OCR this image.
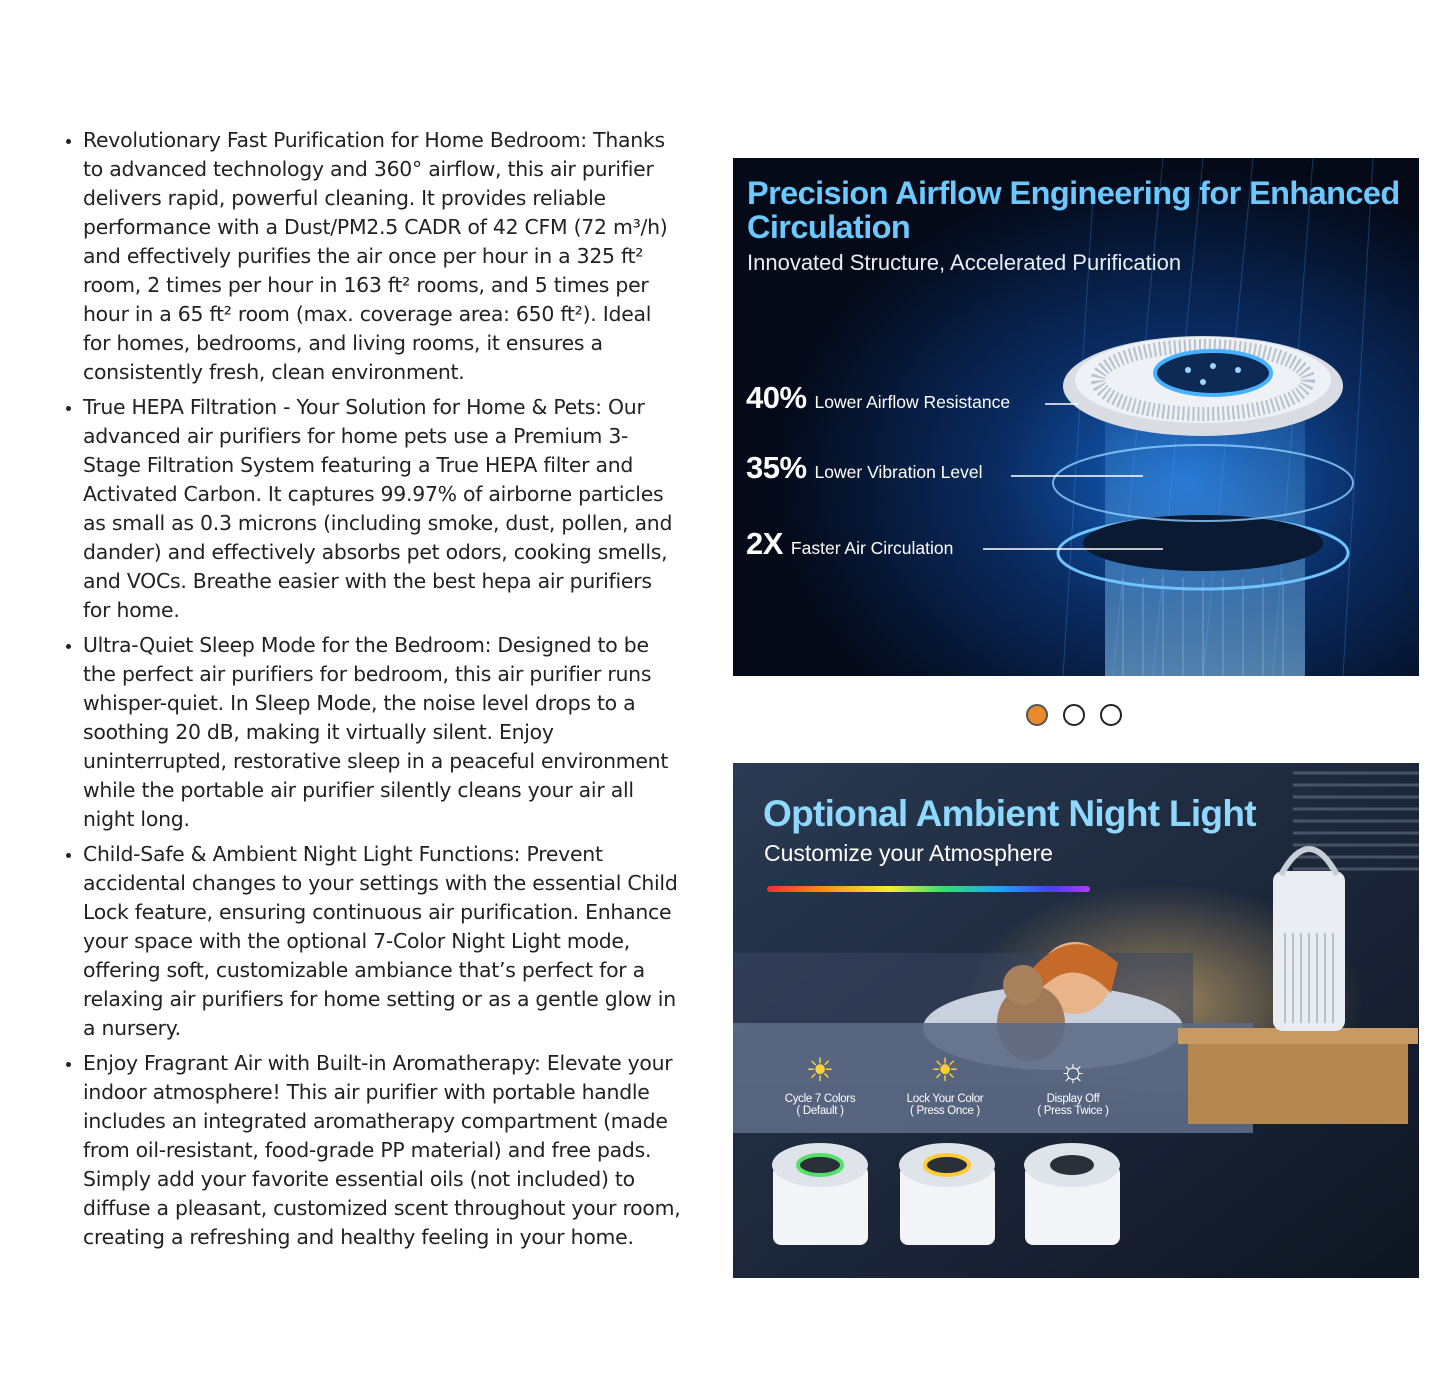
• Revolutionary Fast Purification for Home Bedroom: Thanks to advanced technology and 360° airflow, this air purifier delivers rapid, powerful cleaning. It provides reliable performance with a Dust/PM2.5 CADR of 42 CFM (72 m³/h) and effectively purifies the air once per hour in a 325 ft² room, 2 times per hour in 163 ft² rooms, and 5 times per hour in a 65 ft² room (max. coverage area: 650 ft²). Ideal for homes, bedrooms, and living rooms, it ensures a consistently fresh, clean environment.
• True HEPA Filtration - Your Solution for Home & Pets: Our advanced air purifiers for home pets use a Premium 3-Stage Filtration System featuring a True HEPA filter and Activated Carbon. It captures 99.97% of airborne particles as small as 0.3 microns (including smoke, dust, pollen, and dander) and effectively absorbs pet odors, cooking smells, and VOCs. Breathe easier with the best hepa air purifiers for home.
• Ultra-Quiet Sleep Mode for the Bedroom: Designed to be the perfect air purifiers for bedroom, this air purifier runs whisper-quiet. In Sleep Mode, the noise level drops to a soothing 20 dB, making it virtually silent. Enjoy uninterrupted, restorative sleep in a peaceful environment while the portable air purifier silently cleans your air all night long.
• Child-Safe & Ambient Night Light Functions: Prevent accidental changes to your settings with the essential Child Lock feature, ensuring continuous air purification. Enhance your space with the optional 7-Color Night Light mode, offering soft, customizable ambiance that’s perfect for a relaxing air purifiers for home setting or as a gentle glow in a nursery.
• Enjoy Fragrant Air with Built-in Aromatherapy: Elevate your indoor atmosphere! This air purifier with portable handle includes an integrated aromatherapy compartment (made from oil-resistant, food-grade PP material) and free pads. Simply add your favorite essential oils (not included) to diffuse a pleasant, customized scent throughout your room, creating a refreshing and healthy feeling in your home.
Precision Airflow Engineering for Enhanced Circulation

Innovated Structure, Accelerated Purification

40% Lower Airflow Resistance
35% Lower Vibration Level
2X Faster Air Circulation
Optional Ambient Night Light

Customize your Atmosphere

☀
Cycle 7 Colors
( Default )
☀
Lock Your Color
( Press Once )
☼
Display Off
( Press Twice )
